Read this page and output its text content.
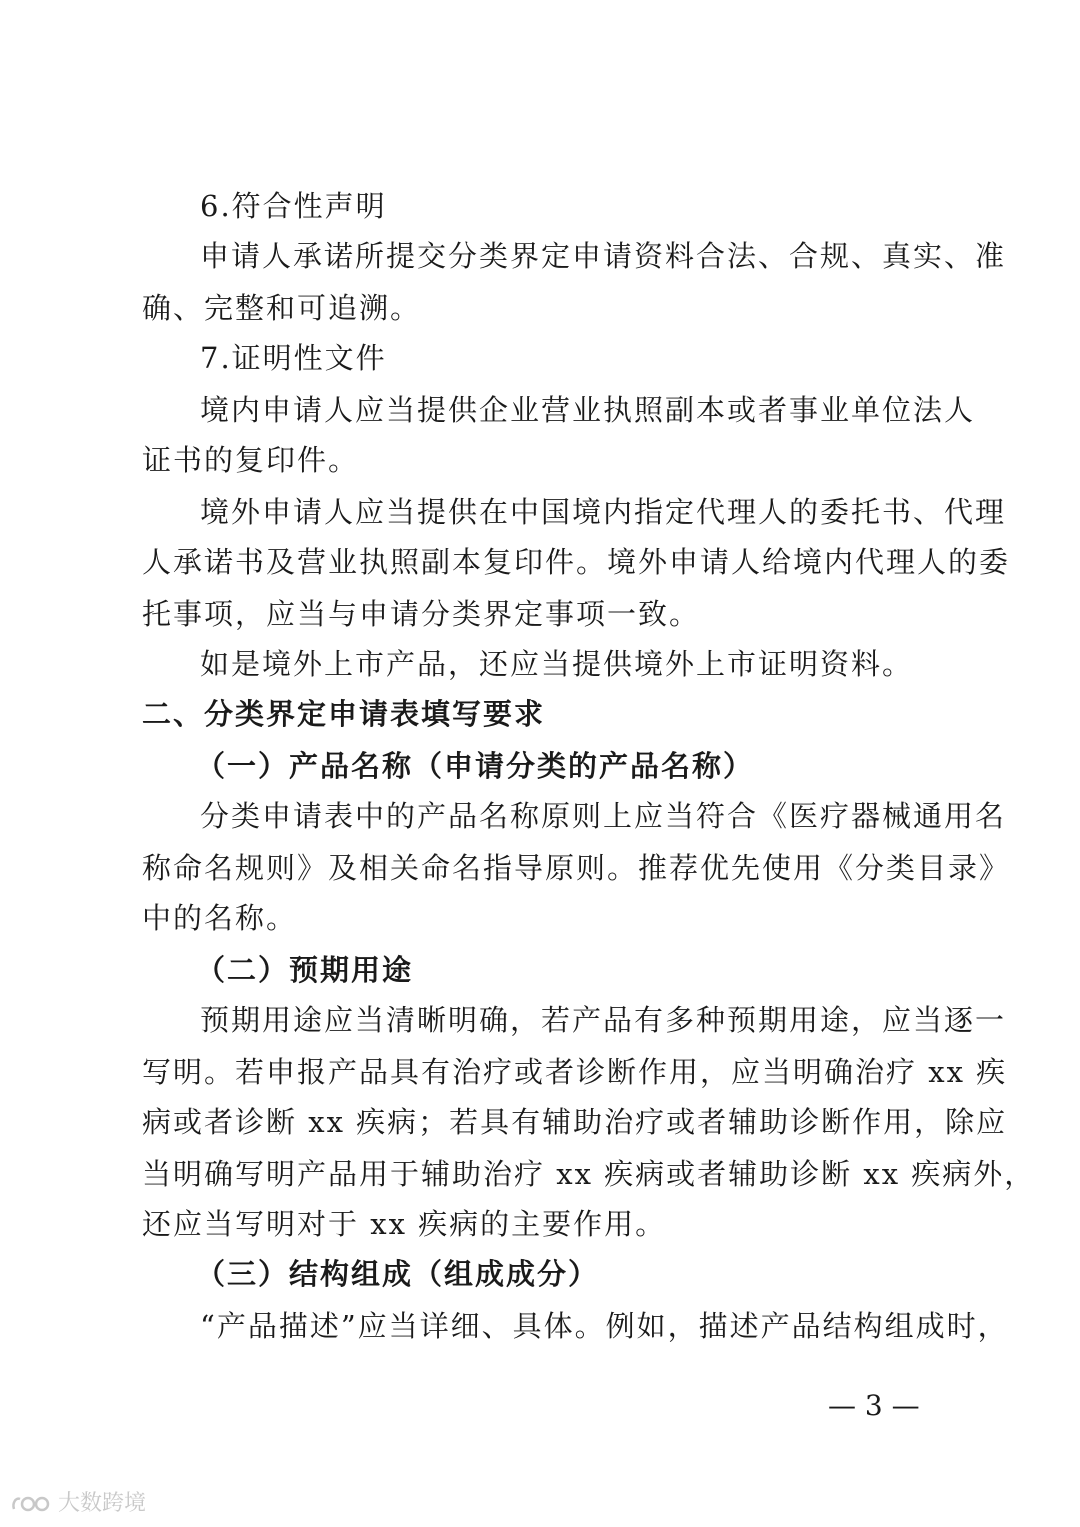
6.符合性声明
申请人承诺所提交分类界定申请资料合法、合规、真实、准
确、完整和可追溯。
7.证明性文件
境内申请人应当提供企业营业执照副本或者事业单位法人
证书的复印件。
境外申请人应当提供在中国境内指定代理人的委托书、代理
人承诺书及营业执照副本复印件。境外申请人给境内代理人的委
托事项，应当与申请分类界定事项一致。
如是境外上市产品，还应当提供境外上市证明资料。
二、分类界定申请表填写要求
（一）产品名称（申请分类的产品名称）
分类申请表中的产品名称原则上应当符合《医疗器械通用名
称命名规则》及相关命名指导原则。推荐优先使用《分类目录》
中的名称。
（二）预期用途
预期用途应当清晰明确，若产品有多种预期用途，应当逐一
写明。若申报产品具有治疗或者诊断作用，应当明确治疗 xx 疾
病或者诊断 xx 疾病；若具有辅助治疗或者辅助诊断作用，除应
当明确写明产品用于辅助治疗 xx 疾病或者辅助诊断 xx 疾病外，
还应当写明对于 xx 疾病的主要作用。
（三）结构组成（组成成分）
“产品描述”应当详细、具体。例如，描述产品结构组成时，
— 3 —
大数跨境
